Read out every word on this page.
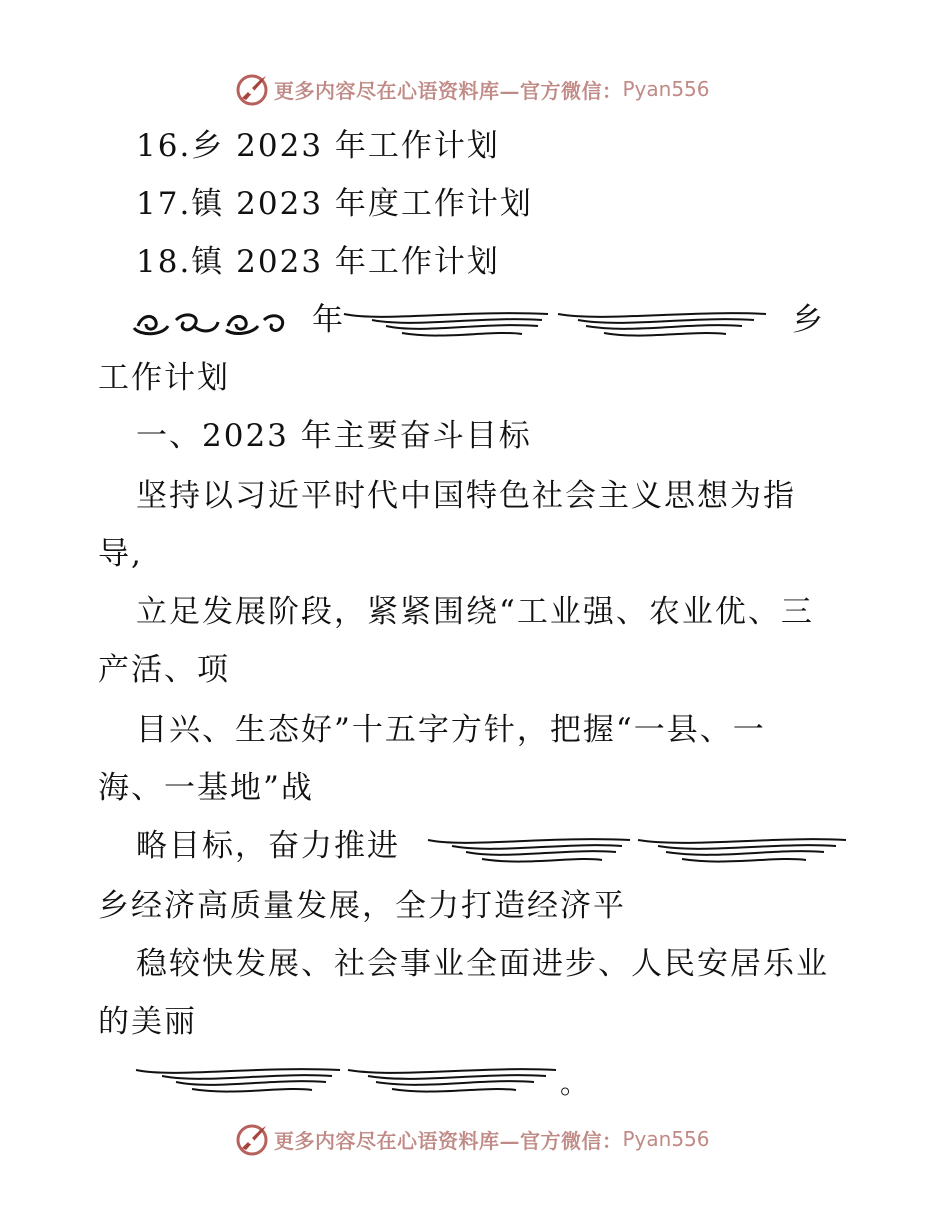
更多内容尽在心语资料库—官方微信： Pyan556
16.乡 2023 年工作计划
17.镇 2023 年度工作计划
18.镇 2023 年工作计划
年	乡
工作计划
一、2023 年主要奋斗目标
坚持以习近平时代中国特色社会主义思想为指
导,
立足发展阶段，紧紧围绕“工业强、农业优、三
产活、项
目兴、生态好”十五字方针，把握“一县、一
海、一基地”战
略目标，奋力推进
乡经济高质量发展，全力打造经济平
稳较快发展、社会事业全面进步、人民安居乐业
的美丽
。
更多内容尽在心语资料库—官方微信： Pyan556
